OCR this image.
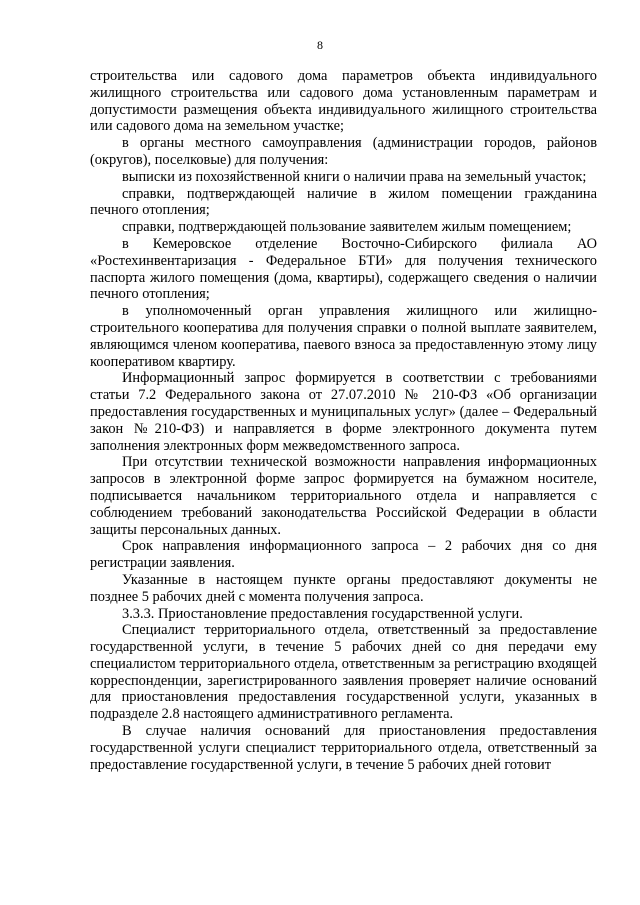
8

строительства или садового дома параметров объекта индивидуального жилищного строительства или садового дома установленным параметрам и допустимости размещения объекта индивидуального жилищного строительства или садового дома на земельном участке;

в органы местного самоуправления (администрации городов, районов (округов), поселковые) для получения:

выписки из похозяйственной книги о наличии права на земельный участок;

справки, подтверждающей наличие в жилом помещении гражданина печного отопления;

справки, подтверждающей пользование заявителем жилым помещением;

в Кемеровское отделение Восточно-Сибирского филиала АО «Ростехинвентаризация - Федеральное БТИ» для получения технического паспорта жилого помещения (дома, квартиры), содержащего сведения о наличии печного отопления;

в уполномоченный орган управления жилищного или жилищно-строительного кооператива для получения справки о полной выплате заявителем, являющимся членом кооператива, паевого взноса за предоставленную этому лицу кооперативом квартиру.

Информационный запрос формируется в соответствии с требованиями статьи 7.2 Федерального закона от 27.07.2010 № 210-ФЗ «Об организации предоставления государственных и муниципальных услуг» (далее – Федеральный закон №210-ФЗ) и направляется в форме электронного документа путем заполнения электронных форм межведомственного запроса.

При отсутствии технической возможности направления информационных запросов в электронной форме запрос формируется на бумажном носителе, подписывается начальником территориального отдела и направляется с соблюдением требований законодательства Российской Федерации в области защиты персональных данных.

Срок направления информационного запроса – 2 рабочих дня со дня регистрации заявления.

Указанные в настоящем пункте органы предоставляют документы не позднее 5 рабочих дней с момента получения запроса.

3.3.3. Приостановление предоставления государственной услуги.

Специалист территориального отдела, ответственный за предоставление государственной услуги, в течение 5 рабочих дней со дня передачи ему специалистом территориального отдела, ответственным за регистрацию входящей корреспонденции, зарегистрированного заявления проверяет наличие оснований для приостановления предоставления государственной услуги, указанных в подразделе 2.8 настоящего административного регламента.

В случае наличия оснований для приостановления предоставления государственной услуги специалист территориального отдела, ответственный за предоставление государственной услуги, в течение 5 рабочих дней готовит
